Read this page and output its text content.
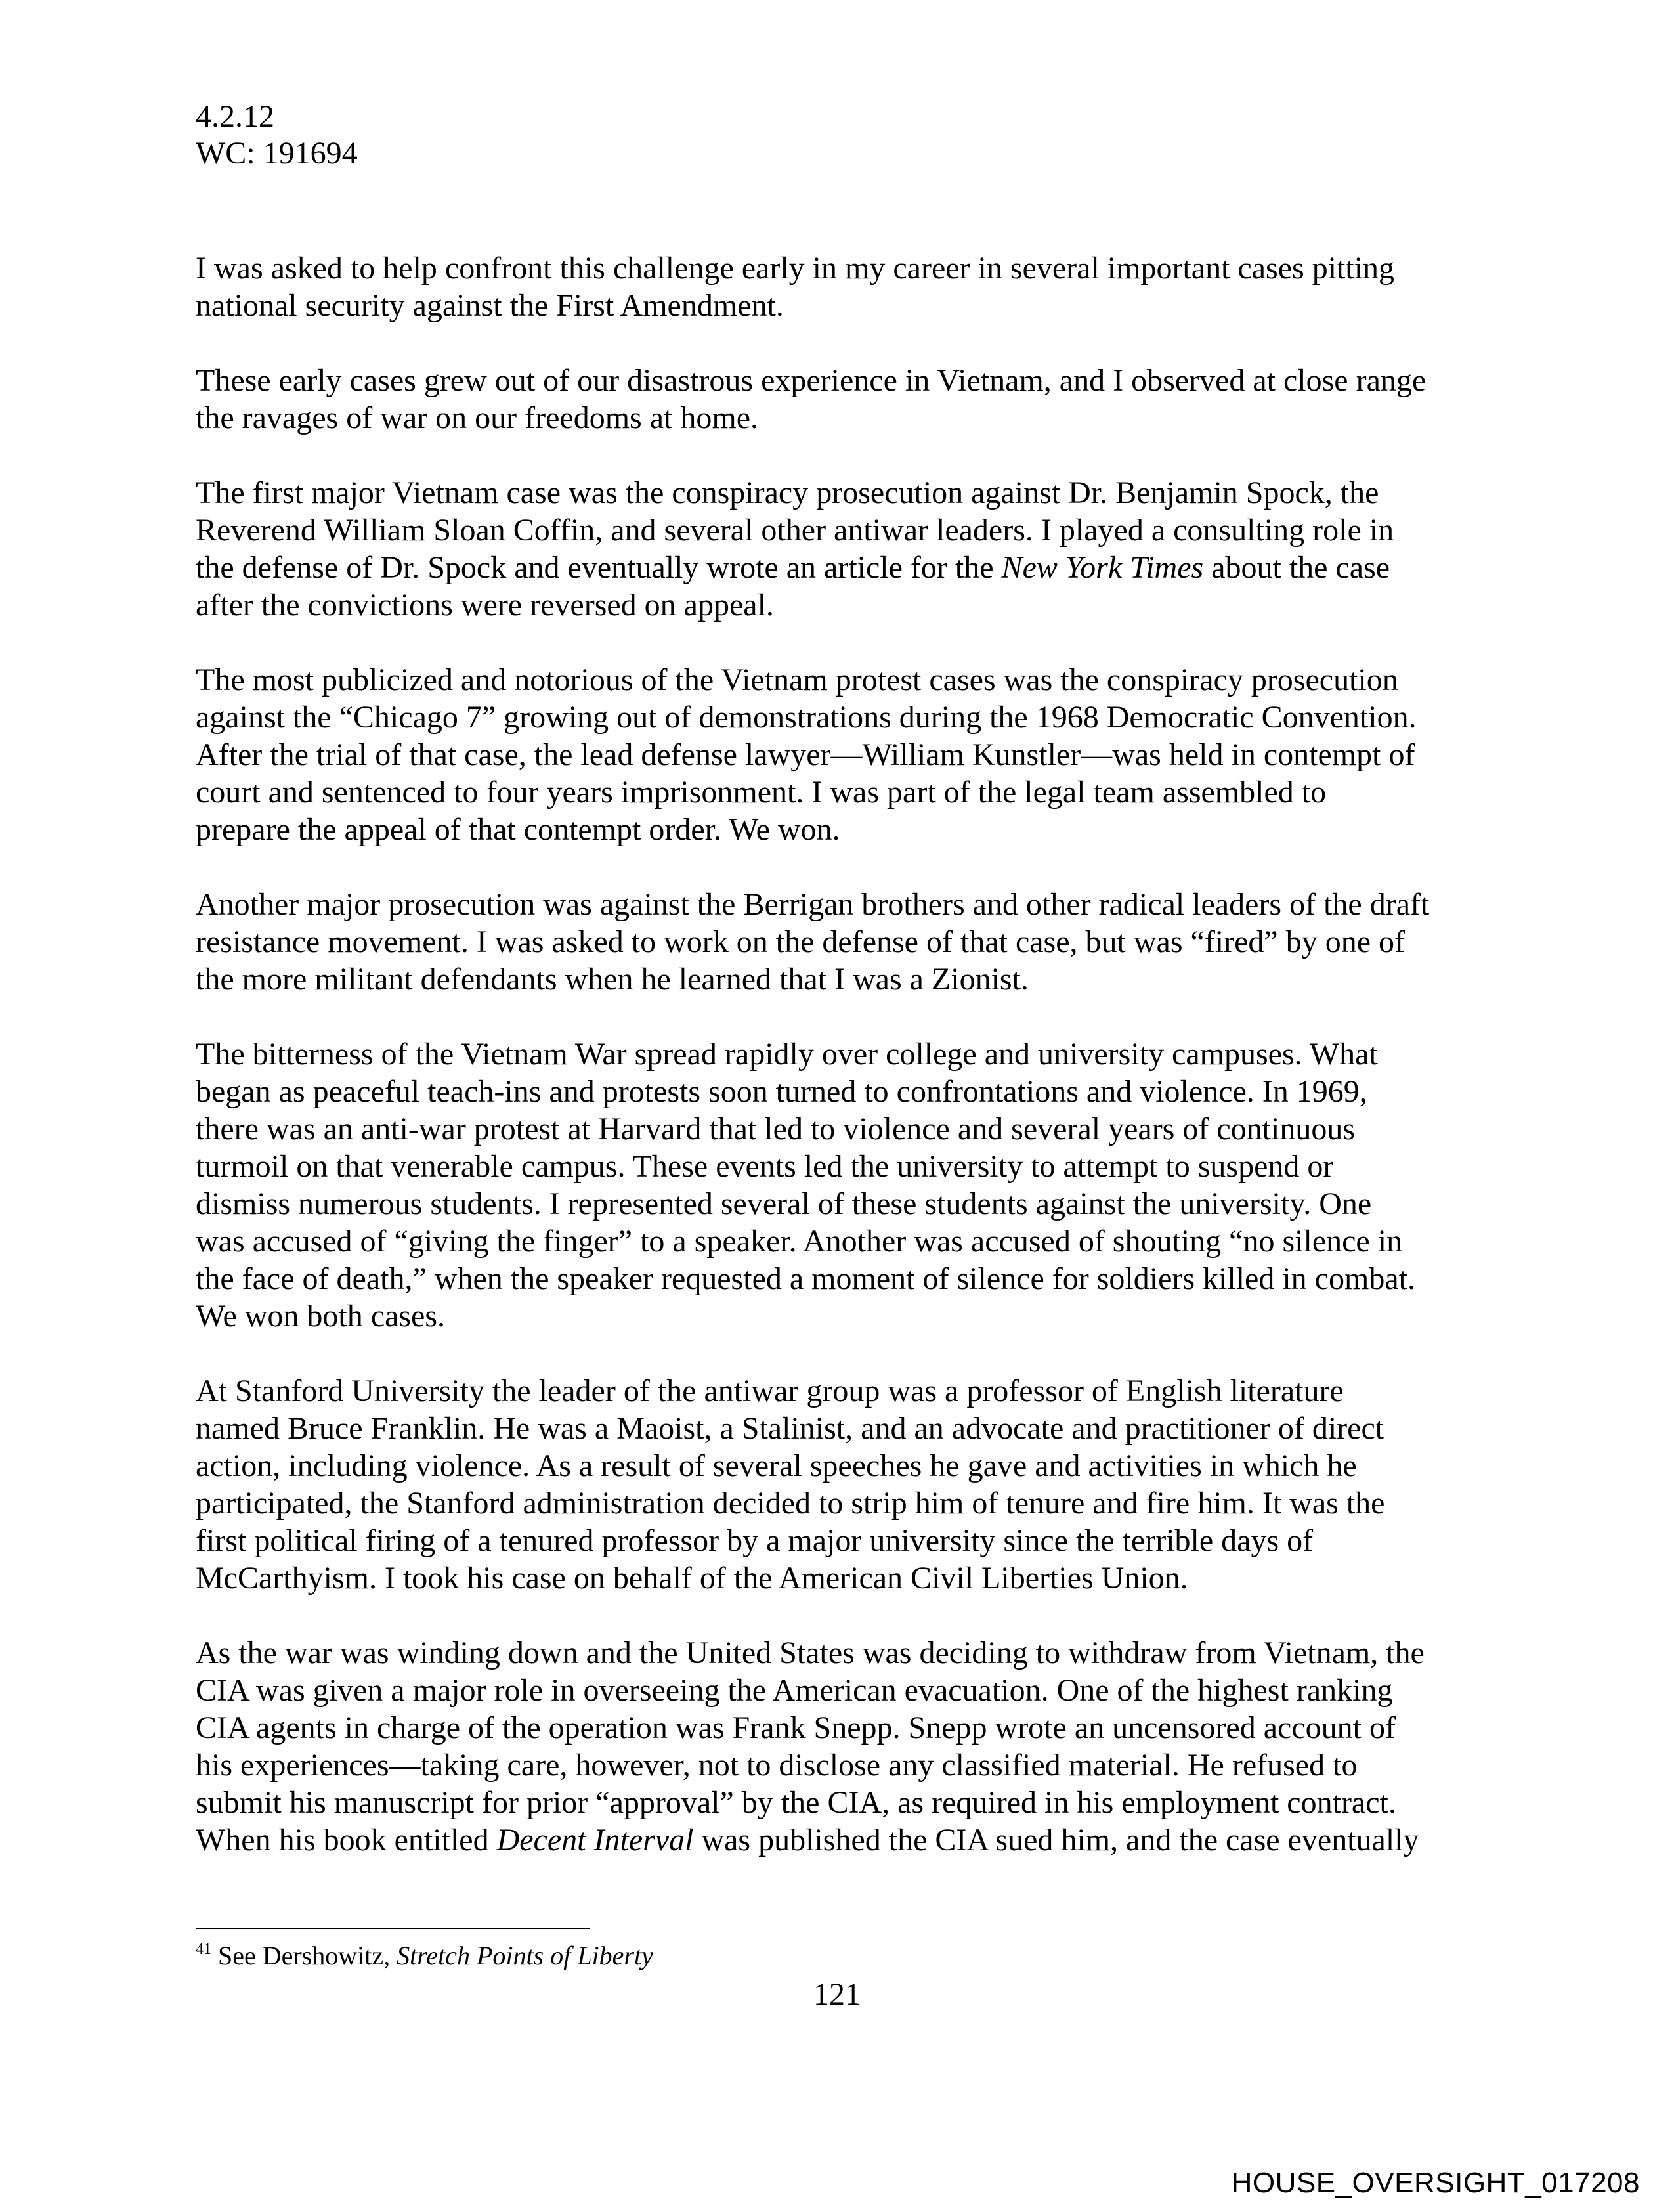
4.2.12
WC: 191694

I was asked to help confront this challenge early in my career in several important cases pitting
national security against the First Amendment.

These early cases grew out of our disastrous experience in Vietnam, and I observed at close range
the ravages of war on our freedoms at home.

The first major Vietnam case was the conspiracy prosecution against Dr. Benjamin Spock, the
Reverend William Sloan Coffin, and several other antiwar leaders. I played a consulting role in
the defense of Dr. Spock and eventually wrote an article for the New York Times about the case
after the convictions were reversed on appeal.

The most publicized and notorious of the Vietnam protest cases was the conspiracy prosecution
against the “Chicago 7” growing out of demonstrations during the 1968 Democratic Convention.
After the trial of that case, the lead defense lawyer—William Kunstler—was held in contempt of
court and sentenced to four years imprisonment. I was part of the legal team assembled to
prepare the appeal of that contempt order. We won.

Another major prosecution was against the Berrigan brothers and other radical leaders of the draft
resistance movement. I was asked to work on the defense of that case, but was “fired” by one of
the more militant defendants when he learned that I was a Zionist.

The bitterness of the Vietnam War spread rapidly over college and university campuses. What
began as peaceful teach-ins and protests soon turned to confrontations and violence. In 1969,
there was an anti-war protest at Harvard that led to violence and several years of continuous
turmoil on that venerable campus. These events led the university to attempt to suspend or
dismiss numerous students. I represented several of these students against the university. One
was accused of “giving the finger” to a speaker. Another was accused of shouting “no silence in
the face of death,” when the speaker requested a moment of silence for soldiers killed in combat.
We won both cases.

At Stanford University the leader of the antiwar group was a professor of English literature
named Bruce Franklin. He was a Maoist, a Stalinist, and an advocate and practitioner of direct
action, including violence. As a result of several speeches he gave and activities in which he
participated, the Stanford administration decided to strip him of tenure and fire him. It was the
first political firing of a tenured professor by a major university since the terrible days of
McCarthyism. I took his case on behalf of the American Civil Liberties Union.

As the war was winding down and the United States was deciding to withdraw from Vietnam, the
CIA was given a major role in overseeing the American evacuation. One of the highest ranking
CIA agents in charge of the operation was Frank Snepp. Snepp wrote an uncensored account of
his experiences—taking care, however, not to disclose any classified material. He refused to
submit his manuscript for prior “approval” by the CIA, as required in his employment contract.
When his book entitled Decent Interval was published the CIA sued him, and the case eventually

$^{41}$ See Dershowitz, Stretch Points of Liberty
121
HOUSE_OVERSIGHT_017208
